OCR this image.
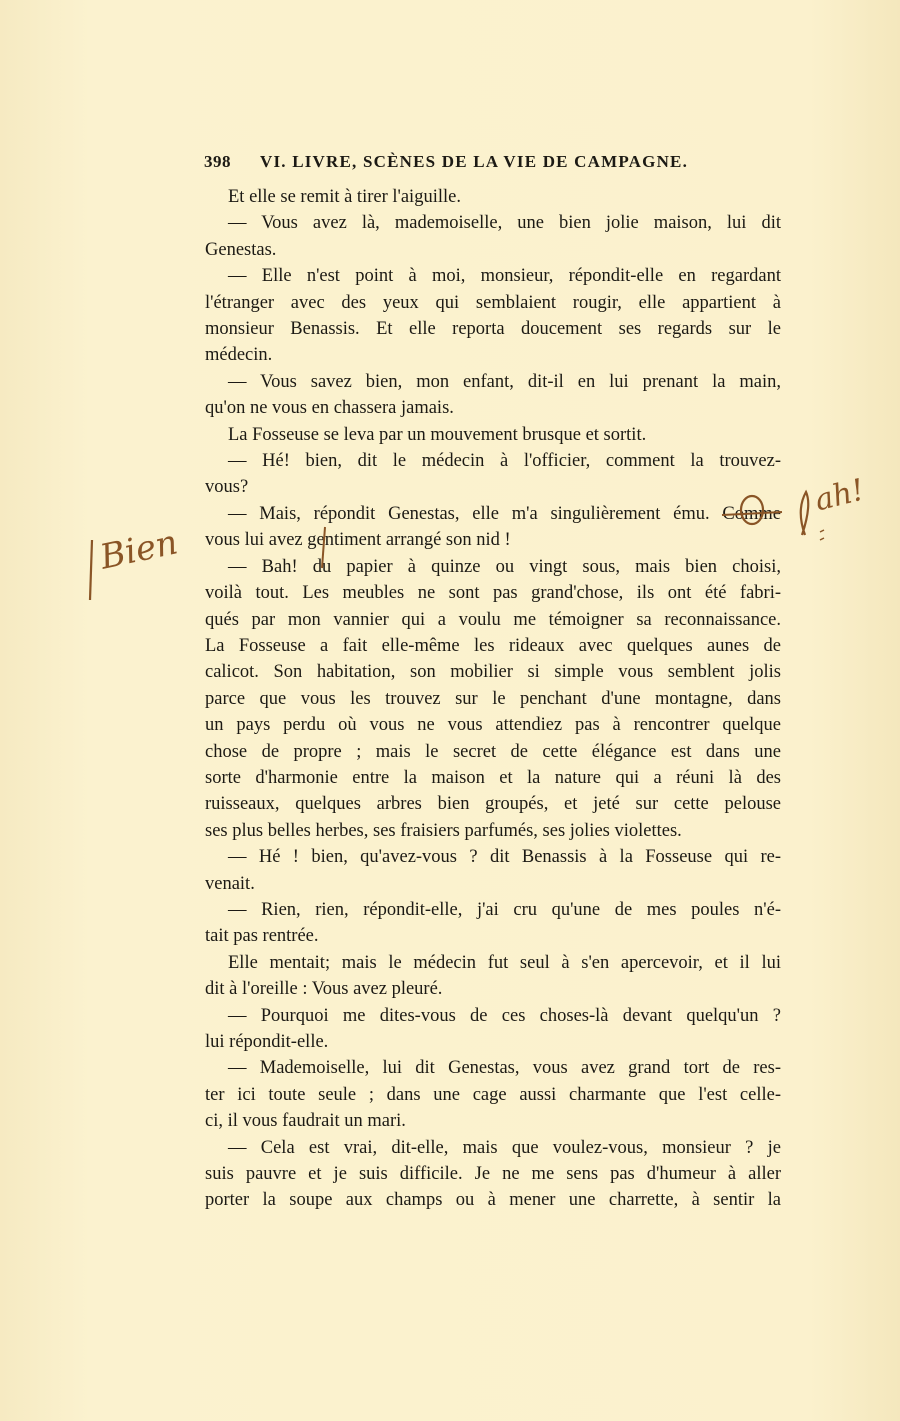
398 VI. LIVRE, SCÈNES DE LA VIE DE CAMPAGNE.
Et elle se remit à tirer l'aiguille.
— Vous avez là, mademoiselle, une bien jolie maison, lui dit
Genestas.
— Elle n'est point à moi, monsieur, répondit-elle en regardant
l'étranger avec des yeux qui semblaient rougir, elle appartient à
monsieur Benassis. Et elle reporta doucement ses regards sur le
médecin.
— Vous savez bien, mon enfant, dit-il en lui prenant la main,
qu'on ne vous en chassera jamais.
La Fosseuse se leva par un mouvement brusque et sortit.
— Hé! bien, dit le médecin à l'officier, comment la trouvez-
vous?
— Mais, répondit Genestas, elle m'a singulièrement ému. Comme
vous lui avez gentiment arrangé son nid !
— Bah! du papier à quinze ou vingt sous, mais bien choisi,
voilà tout. Les meubles ne sont pas grand'chose, ils ont été fabri-
qués par mon vannier qui a voulu me témoigner sa reconnaissance.
La Fosseuse a fait elle-même les rideaux avec quelques aunes de
calicot. Son habitation, son mobilier si simple vous semblent jolis
parce que vous les trouvez sur le penchant d'une montagne, dans
un pays perdu où vous ne vous attendiez pas à rencontrer quelque
chose de propre ; mais le secret de cette élégance est dans une
sorte d'harmonie entre la maison et la nature qui a réuni là des
ruisseaux, quelques arbres bien groupés, et jeté sur cette pelouse
ses plus belles herbes, ses fraisiers parfumés, ses jolies violettes.
— Hé ! bien, qu'avez-vous ? dit Benassis à la Fosseuse qui re-
venait.
— Rien, rien, répondit-elle, j'ai cru qu'une de mes poules n'é-
tait pas rentrée.
Elle mentait; mais le médecin fut seul à s'en apercevoir, et il lui
dit à l'oreille : Vous avez pleuré.
— Pourquoi me dites-vous de ces choses-là devant quelqu'un ?
lui répondit-elle.
— Mademoiselle, lui dit Genestas, vous avez grand tort de res-
ter ici toute seule ; dans une cage aussi charmante que l'est celle-
ci, il vous faudrait un mari.
— Cela est vrai, dit-elle, mais que voulez-vous, monsieur ? je
suis pauvre et je suis difficile. Je ne me sens pas d'humeur à aller
porter la soupe aux champs ou à mener une charrette, à sentir la
Bien
ah!
